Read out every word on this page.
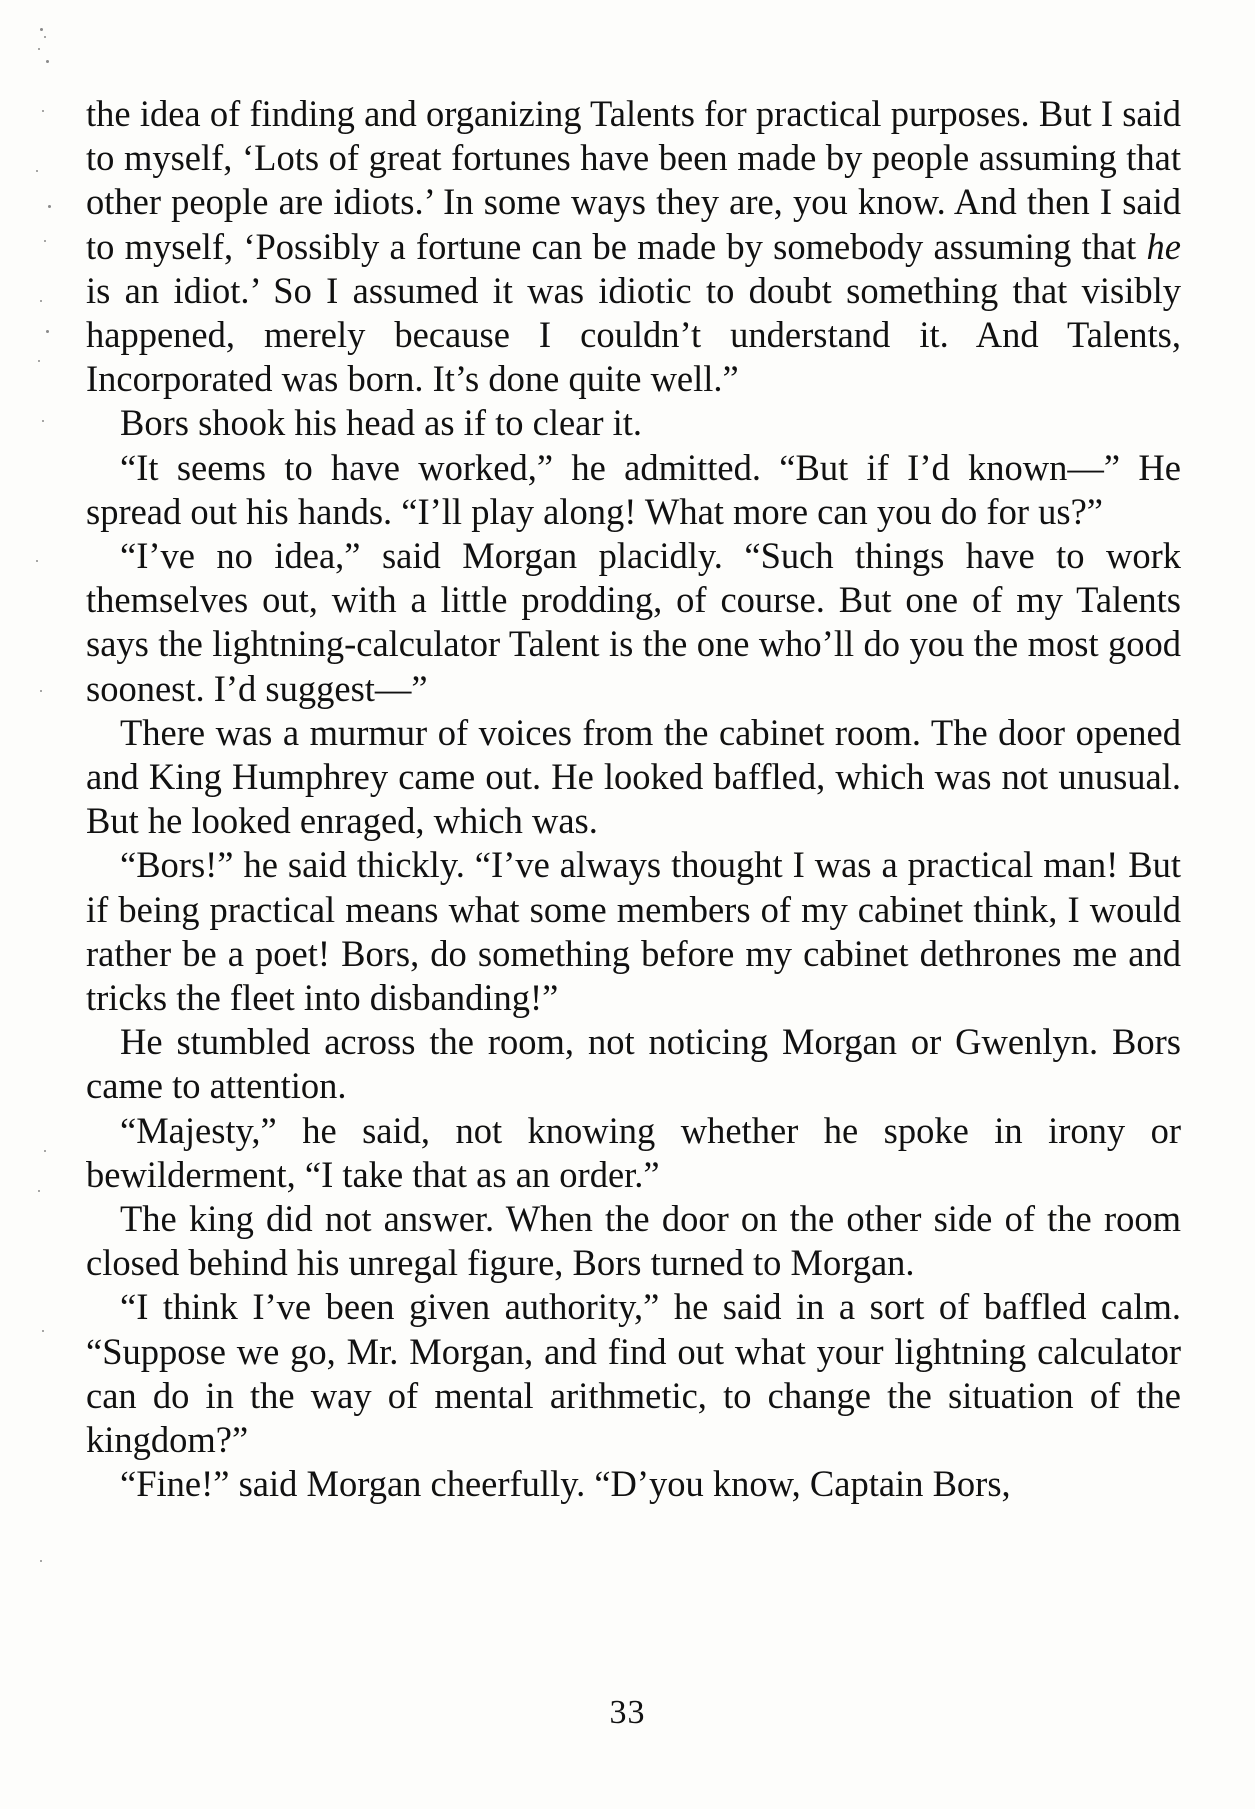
the idea of finding and organizing Talents for practical purposes. But I said to myself, ‘Lots of great fortunes have been made by people assuming that other people are idiots.’ In some ways they are, you know. And then I said to myself, ‘Possibly a fortune can be made by somebody assuming that he is an idiot.’ So I assumed it was idiotic to doubt something that visibly happened, merely because I couldn’t understand it. And Talents, Incorporated was born. It’s done quite well.”

Bors shook his head as if to clear it.

“It seems to have worked,” he admitted. “But if I’d known—” He spread out his hands. “I’ll play along! What more can you do for us?”

“I’ve no idea,” said Morgan placidly. “Such things have to work themselves out, with a little prodding, of course. But one of my Talents says the lightning-calculator Talent is the one who’ll do you the most good soonest. I’d suggest—”

There was a murmur of voices from the cabinet room. The door opened and King Humphrey came out. He looked baffled, which was not unusual. But he looked enraged, which was.

“Bors!” he said thickly. “I’ve always thought I was a practical man! But if being practical means what some members of my cabinet think, I would rather be a poet! Bors, do something before my cabinet dethrones me and tricks the fleet into disbanding!”

He stumbled across the room, not noticing Morgan or Gwenlyn. Bors came to attention.

“Majesty,” he said, not knowing whether he spoke in irony or bewilderment, “I take that as an order.”

The king did not answer. When the door on the other side of the room closed behind his unregal figure, Bors turned to Morgan.

“I think I’ve been given authority,” he said in a sort of baffled calm. “Suppose we go, Mr. Morgan, and find out what your lightning calculator can do in the way of mental arithmetic, to change the situation of the kingdom?”

“Fine!” said Morgan cheerfully. “D’you know, Captain Bors,

33
